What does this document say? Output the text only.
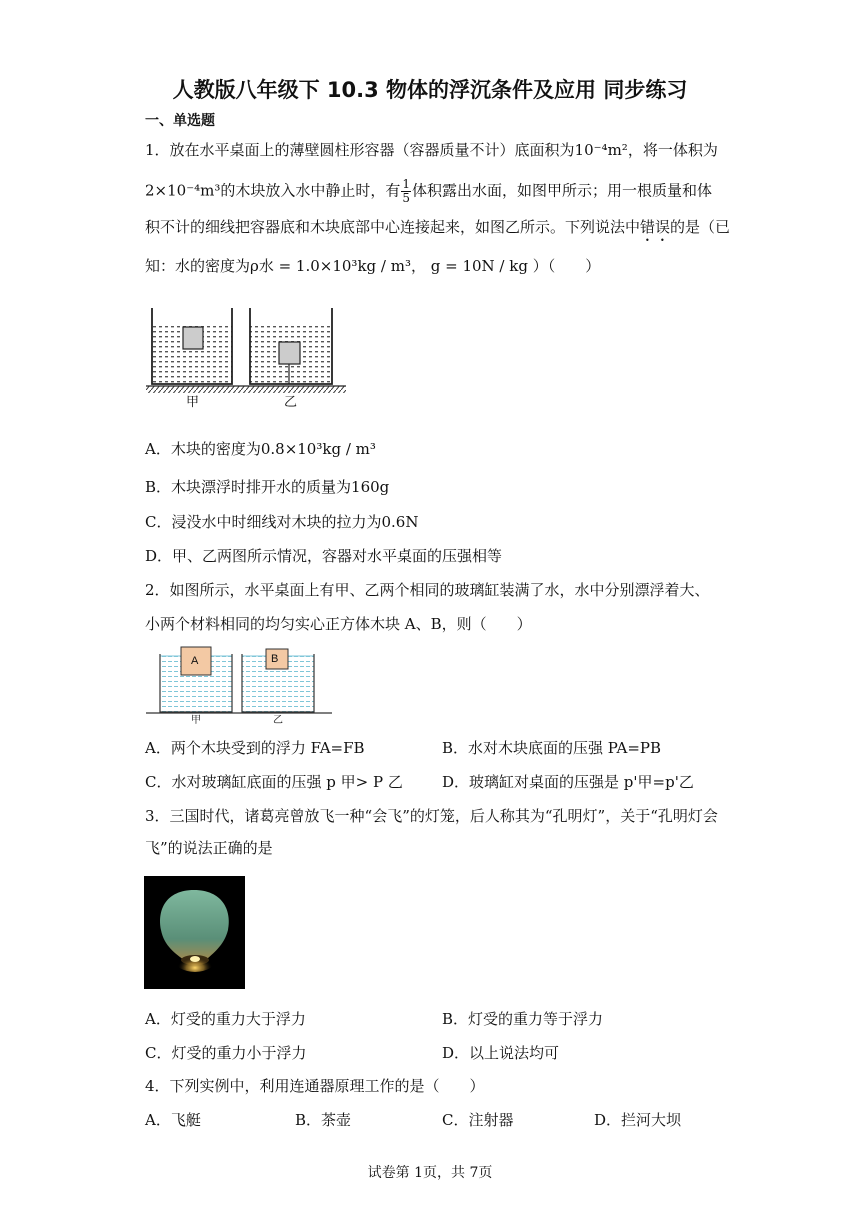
人教版八年级下 10.3 物体的浮沉条件及应用 同步练习
一、单选题
1．放在水平桌面上的薄壁圆柱形容器（容器质量不计）底面积为10⁻⁴m²，将一体积为
2×10⁻⁴m³的木块放入水中静止时，有 $\frac{1}{5}$ 体积露出水面，如图甲所示；用一根质量和体
积不计的细线把容器底和木块底部中心连接起来，如图乙所示。下列说法中错误的是（已
知：水的密度为ρ水 = 1.0×10³kg / m³， g = 10N / kg ）（　　）
甲	乙
A．木块的密度为0.8×10³kg / m³
B．木块漂浮时排开水的质量为160g
C．浸没水中时细线对木块的拉力为0.6N
D．甲、乙两图所示情况，容器对水平桌面的压强相等
2．如图所示，水平桌面上有甲、乙两个相同的玻璃缸装满了水，水中分别漂浮着大、
小两个材料相同的均匀实心正方体木块 A、B，则（　　）
A	B
甲	乙
A．两个木块受到的浮力 FA=FB	B．水对木块底面的压强 PA=PB
C．水对玻璃缸底面的压强 p 甲> P 乙	D．玻璃缸对桌面的压强是 p'甲=p'乙
3．三国时代，诸葛亮曾放飞一种“会飞”的灯笼，后人称其为“孔明灯”，关于“孔明灯会
飞”的说法正确的是
A．灯受的重力大于浮力	B．灯受的重力等于浮力
C．灯受的重力小于浮力	D．以上说法均可
4．下列实例中，利用连通器原理工作的是（　　）
A．飞艇	B．茶壶	C．注射器	D．拦河大坝
试卷第 1页，共 7页
